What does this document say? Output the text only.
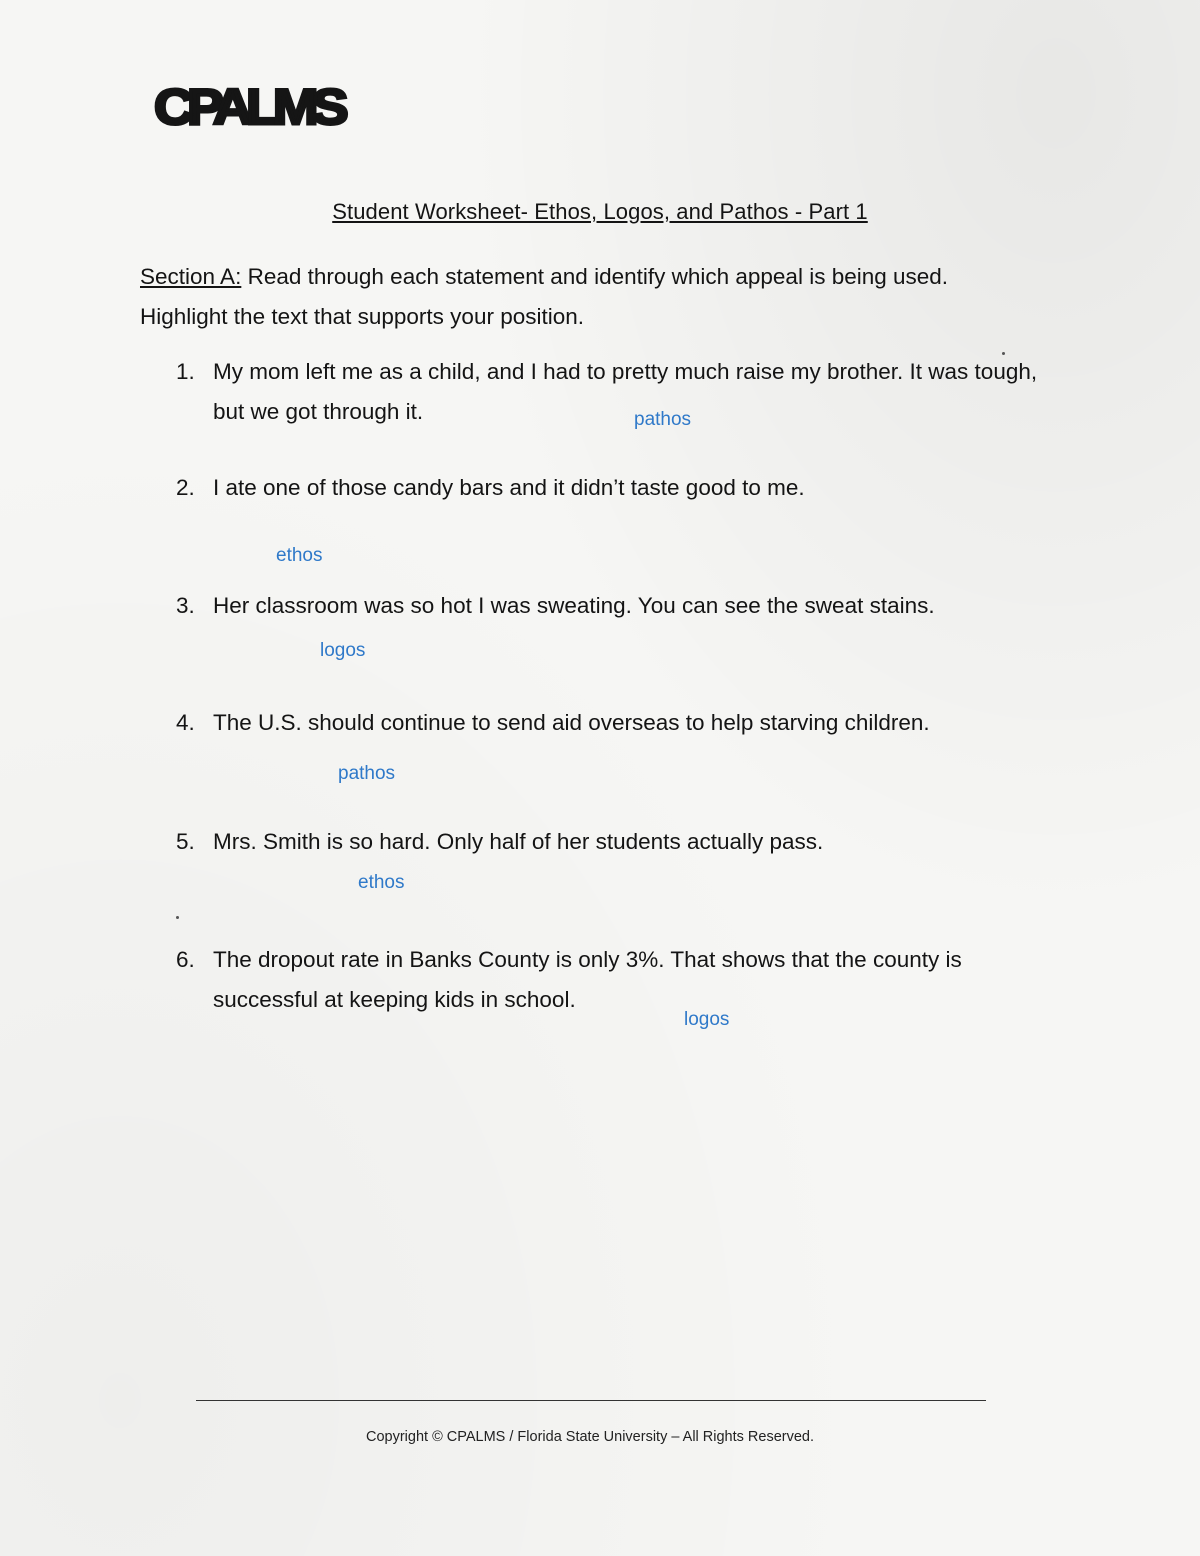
CPALMS
Student Worksheet- Ethos, Logos, and Pathos - Part 1
Section A: Read through each statement and identify which appeal is being used.
Highlight the text that supports your position.
1. My mom left me as a child, and I had to pretty much raise my brother. It was tough, but we got through it.	pathos
2. I ate one of those candy bars and it didn’t taste good to me.
ethos
3. Her classroom was so hot I was sweating. You can see the sweat stains.
logos
4. The U.S. should continue to send aid overseas to help starving children.
pathos
5. Mrs. Smith is so hard. Only half of her students actually pass.
ethos
6. The dropout rate in Banks County is only 3%. That shows that the county is successful at keeping kids in school.
logos
Copyright © CPALMS / Florida State University – All Rights Reserved.
